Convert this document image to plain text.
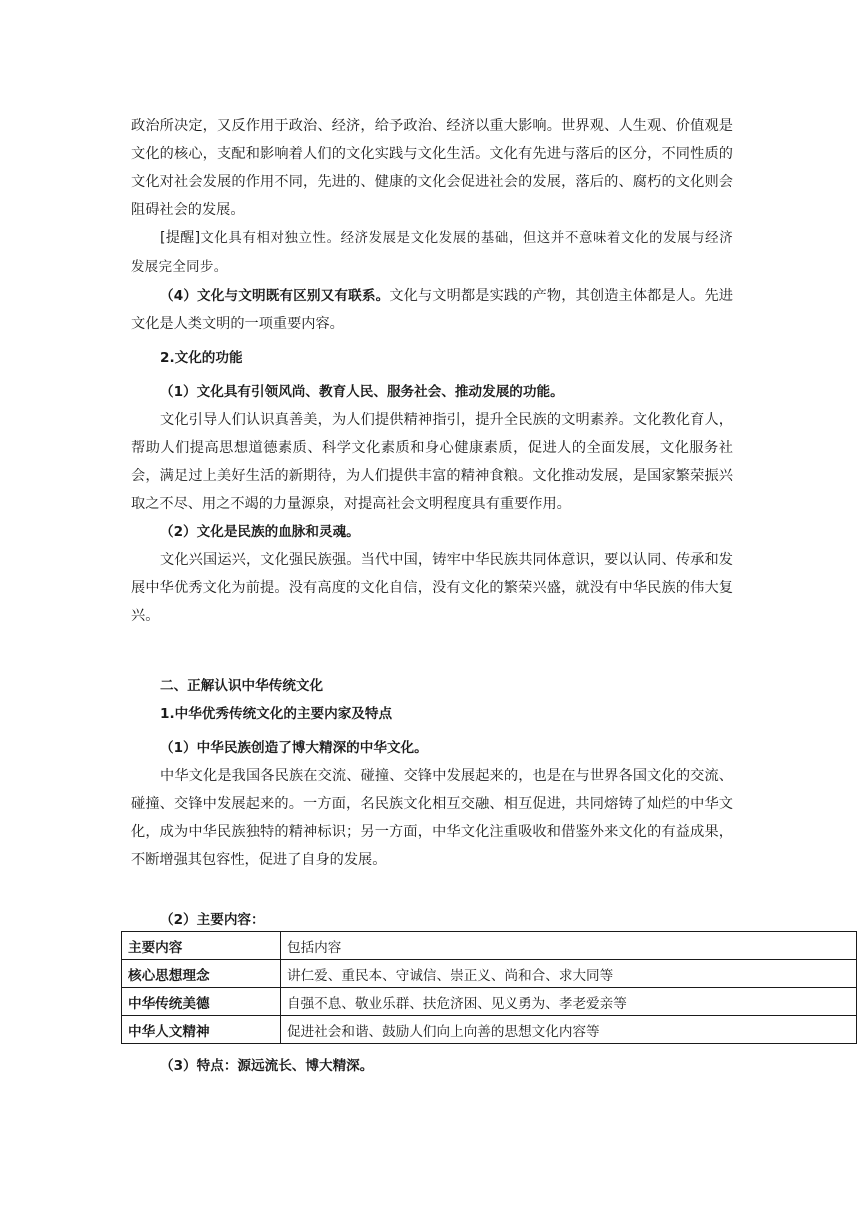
政治所决定，又反作用于政治、经济，给予政治、经济以重大影响。世界观、人生观、价值观是文化的核心，支配和影响着人们的文化实践与文化生活。文化有先进与落后的区分，不同性质的文化对社会发展的作用不同，先进的、健康的文化会促进社会的发展，落后的、腐朽的文化则会阻碍社会的发展。

[提醒]文化具有相对独立性。经济发展是文化发展的基础，但这并不意味着文化的发展与经济发展完全同步。

（4）文化与文明既有区别又有联系。文化与文明都是实践的产物，其创造主体都是人。先进文化是人类文明的一项重要内容。

2.文化的功能

（1）文化具有引领风尚、教育人民、服务社会、推动发展的功能。

文化引导人们认识真善美，为人们提供精神指引，提升全民族的文明素养。文化教化育人，帮助人们提高思想道德素质、科学文化素质和身心健康素质，促进人的全面发展，文化服务社会，满足过上美好生活的新期待，为人们提供丰富的精神食粮。文化推动发展，是国家繁荣振兴取之不尽、用之不竭的力量源泉，对提高社会文明程度具有重要作用。

（2）文化是民族的血脉和灵魂。

文化兴国运兴，文化强民族强。当代中国，铸牢中华民族共同体意识，要以认同、传承和发展中华优秀文化为前提。没有高度的文化自信，没有文化的繁荣兴盛，就没有中华民族的伟大复兴。

二、正解认识中华传统文化

1.中华优秀传统文化的主要内家及特点

（1）中华民族创造了博大精深的中华文化。

中华文化是我国各民族在交流、碰撞、交锋中发展起来的，也是在与世界各国文化的交流、碰撞、交锋中发展起来的。一方面，名民族文化相互交融、相互促进，共同熔铸了灿烂的中华文化，成为中华民族独特的精神标识；另一方面，中华文化注重吸收和借鉴外来文化的有益成果，不断增强其包容性，促进了自身的发展。

（2）主要内容：

主要内容	包括内容
核心思想理念	讲仁爱、重民本、守诚信、崇正义、尚和合、求大同等
中华传统美德	自强不息、敬业乐群、扶危济困、见义勇为、孝老爱亲等
中华人文精神	促进社会和谐、鼓励人们向上向善的思想文化内容等

（3）特点：源远流长、博大精深。
